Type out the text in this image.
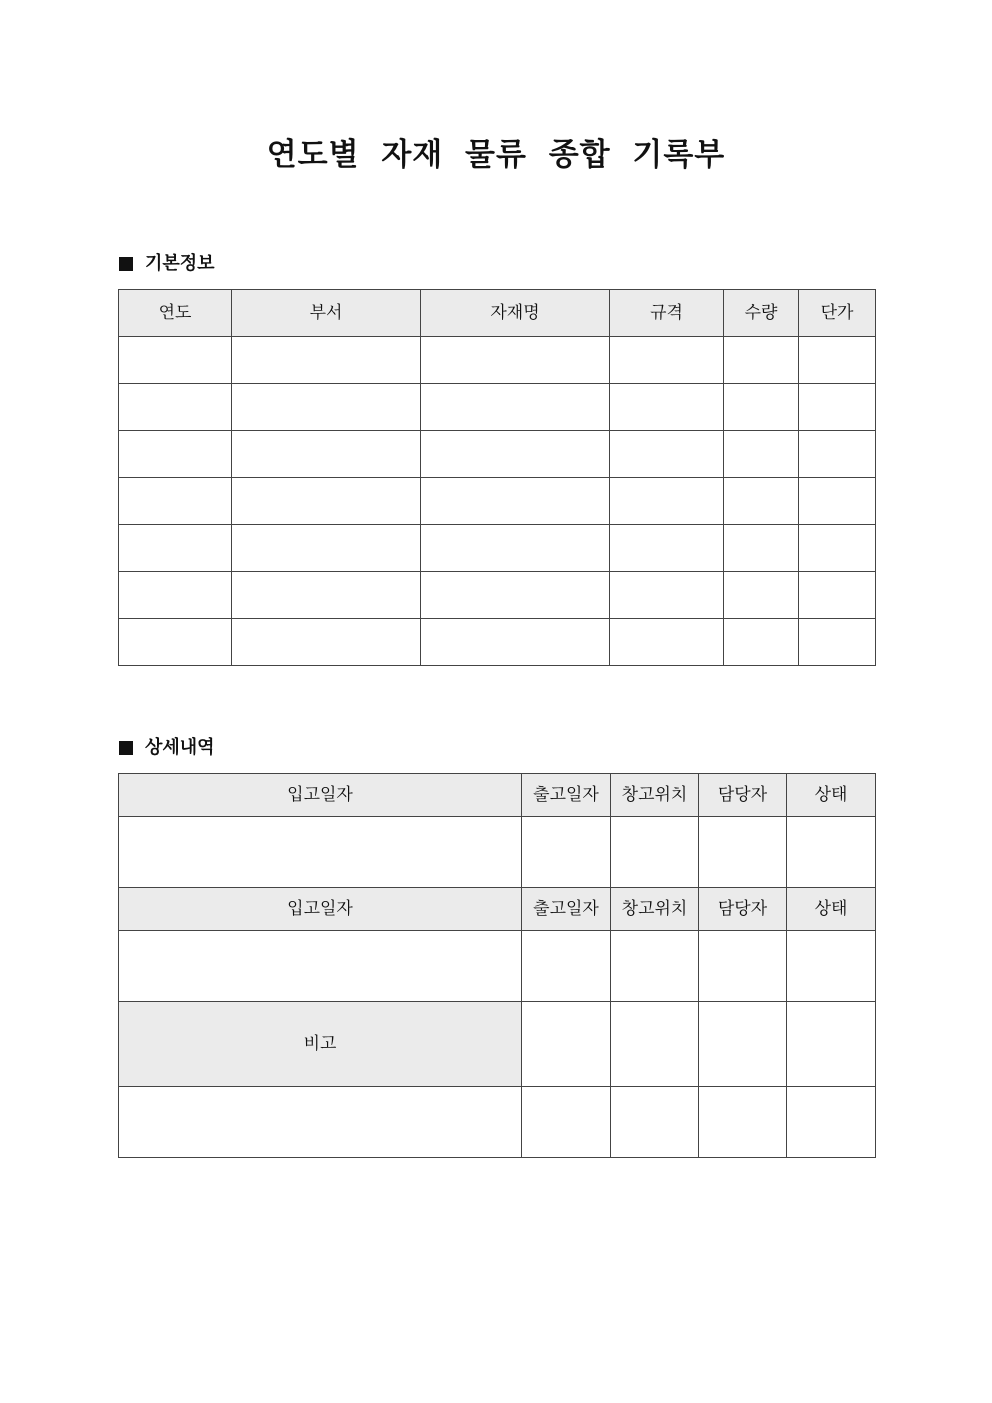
연도별 자재 물류 종합 기록부
기본정보
연도	부서	자재명	규격	수량	단가

상세내역
입고일자	출고일자	창고위치	담당자	상태

입고일자	출고일자	창고위치	담당자	상태

비고				
